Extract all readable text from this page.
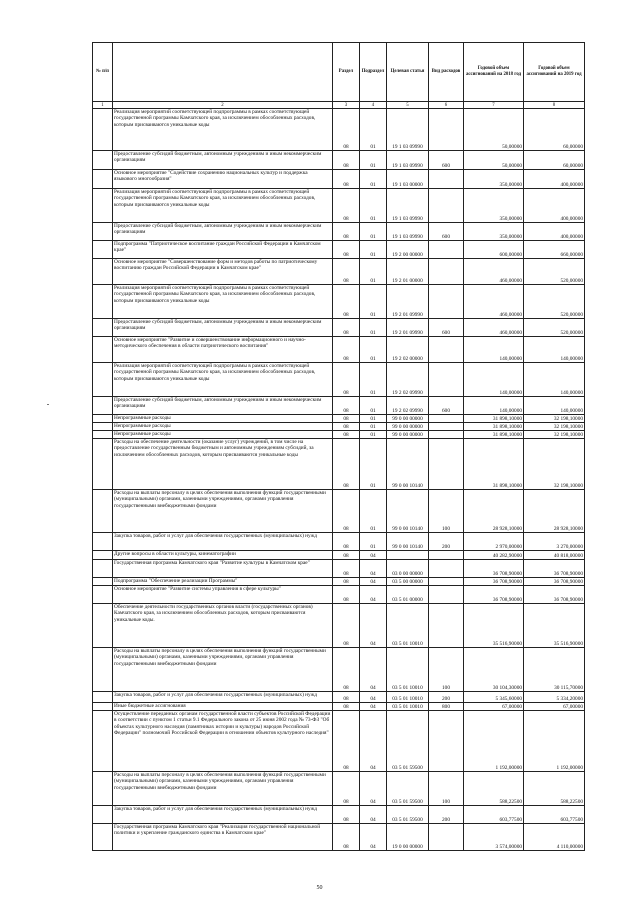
№ п/п		Раздел	Подраздел	Целевая статья	Вид расходов	Годовой объем ассигнований на 2018 год	Годовой объем ассигнований на 2019 год
1	2	3	4	5	6	7	8
	Реализация мероприятий соответствующей подпрограммы в рамках соответствующей государственной программы Камчатского края, за исключением обособленных расходов, которым присваиваются уникальные коды	08	01	19 1 03 09990		50,00000	60,00000
	Предоставление субсидий бюджетным, автономным учреждениям и иным некоммерческим организациям	08	01	19 1 03 09990	600	50,00000	60,00000
	Основное мероприятие "Содействие сохранению национальных культур и поддержка языкового многообразия"	08	01	19 1 03 00000		350,00000	400,00000
	Реализация мероприятий соответствующей подпрограммы в рамках соответствующей государственной программы Камчатского края, за исключением обособленных расходов, которым присваиваются уникальные коды	08	01	19 1 03 09990		350,00000	400,00000
	Предоставление субсидий бюджетным, автономным учреждениям и иным некоммерческим организациям	08	01	19 1 03 09990	600	350,00000	400,00000
	Подпрограмма "Патриотическое воспитание граждан Российской Федерации в Камчатском крае"	08	01	19 2 00 00000		600,00000	660,00000
	Основное мероприятие "Совершенствование форм и методов работы по патриотическому воспитанию граждан Российской Федерации в Камчатском крае"	08	01	19 2 01 00000		460,00000	520,00000
	Реализация мероприятий соответствующей подпрограммы в рамках соответствующей государственной программы Камчатского края, за исключением обособленных расходов, которым присваиваются уникальные коды	08	01	19 2 01 09990		460,00000	520,00000
	Предоставление субсидий бюджетным, автономным учреждениям и иным некоммерческим организациям	08	01	19 2 01 09990	600	460,00000	520,00000
	Основное мероприятие "Развитие и совершенствование информационного и научно-методического обеспечения в области патриотического воспитания"	08	01	19 2 02 00000		140,00000	140,00000
	Реализация мероприятий соответствующей подпрограммы в рамках соответствующей государственной программы Камчатского края, за исключением обособленных расходов, которым присваиваются уникальные коды	08	01	19 2 02 09990		140,00000	140,00000
	Предоставление субсидий бюджетным, автономным учреждениям и иным некоммерческим организациям	08	01	19 2 02 09990	600	140,00000	140,00000
	Непрограммные расходы	08	01	99 0 00 00000		31 898,10000	32 198,10000
	Непрограммные расходы	08	01	99 0 00 00000		31 898,10000	32 198,10000
	Непрограммные расходы	08	01	99 0 00 00000		31 898,10000	32 198,10000
	Расходы на обеспечение деятельности (оказание услуг) учреждений, в том числе на предоставление государственным бюджетным и автономным учреждениям субсидий, за исключением обособленных расходов, которым присваиваются уникальные коды	08	01	99 0 00 10140		31 898,10000	32 198,10000
	Расходы на выплаты персоналу в целях обеспечения выполнения функций государственными (муниципальными) органами, казенными учреждениями, органами управления государственными внебюджетными фондами	08	01	99 0 00 10140	100	28 928,10000	28 928,10000
	Закупка товаров, работ и услуг для обеспечения государственных (муниципальных) нужд	08	01	99 0 00 10140	200	2 970,00000	3 270,00000
	Другие вопросы в области культуры, кинематографии	08	04			40 282,90000	40 818,00000
	Государственная программа Камчатского края "Развитие культуры в Камчатском крае"	08	04	03 0 00 00000		36 708,90000	36 708,90000
	Подпрограмма "Обеспечение реализации Программы"	08	04	03 5 00 00000		36 708,90000	36 708,90000
	Основное мероприятие "Развитие системы управления в сфере культуры"	08	04	03 5 01 00000		36 708,90000	36 708,90000
	Обеспечение деятельности государственных органов власти (государственных органов) Камчатского края, за исключением обособленных расходов, которым присваиваются уникальные коды.	08	04	03 5 01 10010		35 516,90000	35 516,90000
	Расходы на выплаты персоналу в целях обеспечения выполнения функций государственными (муниципальными) органами, казенными учреждениями, органами управления государственными внебюджетными фондами	08	04	03 5 01 10010	100	30 104,30000	30 115,70000
	Закупка товаров, работ и услуг для обеспечения государственных (муниципальных) нужд	08	04	03 5 01 10010	200	5 345,60000	5 334,20000
	Иные бюджетные ассигнования	08	04	03 5 01 10010	800	67,00000	67,00000
	Осуществление переданных органам государственной власти субъектов Российской Федерации в соответствии с пунктом 1 статьи 9.1 Федерального закона от 25 июня 2002 года № 73-ФЗ "Об объектах культурного наследия (памятниках истории и культуры) народов Российской Федерации" полномочий Российской Федерации в отношении объектов культурного наследия"	08	04	03 5 01 59500		1 192,00000	1 192,00000
	Расходы на выплаты персоналу в целях обеспечения выполнения функций государственными (муниципальными) органами, казенными учреждениями, органами управления государственными внебюджетными фондами	08	04	03 5 01 59500	100	588,22500	588,22500
	Закупка товаров, работ и услуг для обеспечения государственных (муниципальных) нужд	08	04	03 5 01 59500	200	603,77500	603,77500
	Государственная программа Камчатского края "Реализация государственной национальной политики и укрепление гражданского единства в Камчатском крае"	08	04	19 0 00 00000		3 574,00000	4 110,00000
50
